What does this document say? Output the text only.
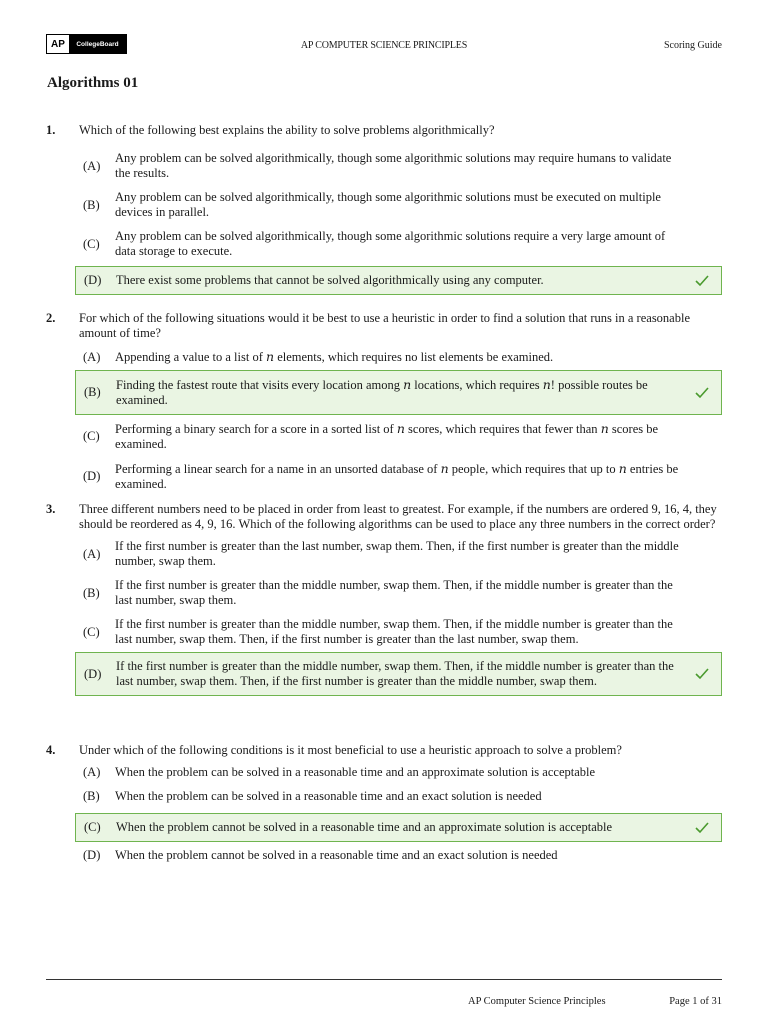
AP	CollegeBoard	AP COMPUTER SCIENCE PRINCIPLES	Scoring Guide
Algorithms 01
1.	Which of the following best explains the ability to solve problems algorithmically?
(A)
Any problem can be solved algorithmically, though some algorithmic solutions may require humans to validate the results.
(B)
Any problem can be solved algorithmically, though some algorithmic solutions must be executed on multiple devices in parallel.
(C)
Any problem can be solved algorithmically, though some algorithmic solutions require a very large amount of data storage to execute.
(D)	There exist some problems that cannot be solved algorithmically using any computer.
2.	For which of the following situations would it be best to use a heuristic in order to find a solution that runs in a reasonable amount of time?
(A)	Appending a value to a list of n elements, which requires no list elements be examined.
(B)	Finding the fastest route that visits every location among n locations, which requires n! possible routes be examined.
(C)	Performing a binary search for a score in a sorted list of n scores, which requires that fewer than n scores be examined.
(D)	Performing a linear search for a name in an unsorted database of n people, which requires that up to n entries be examined.
3.	Three different numbers need to be placed in order from least to greatest. For example, if the numbers are ordered 9, 16, 4, they should be reordered as 4, 9, 16. Which of the following algorithms can be used to place any three numbers in the correct order?
(A)
If the first number is greater than the last number, swap them. Then, if the first number is greater than the middle number, swap them.
(B)
If the first number is greater than the middle number, swap them. Then, if the middle number is greater than the last number, swap them.
(C)
If the first number is greater than the middle number, swap them. Then, if the middle number is greater than the last number, swap them. Then, if the first number is greater than the last number, swap them.
(D)
If the first number is greater than the middle number, swap them. Then, if the middle number is greater than the last number, swap them. Then, if the first number is greater than the middle number, swap them.
4.	Under which of the following conditions is it most beneficial to use a heuristic approach to solve a problem?
(A)	When the problem can be solved in a reasonable time and an approximate solution is acceptable
(B)	When the problem can be solved in a reasonable time and an exact solution is needed
(C)	When the problem cannot be solved in a reasonable time and an approximate solution is acceptable
(D)	When the problem cannot be solved in a reasonable time and an exact solution is needed
AP Computer Science Principles	Page 1 of 31
